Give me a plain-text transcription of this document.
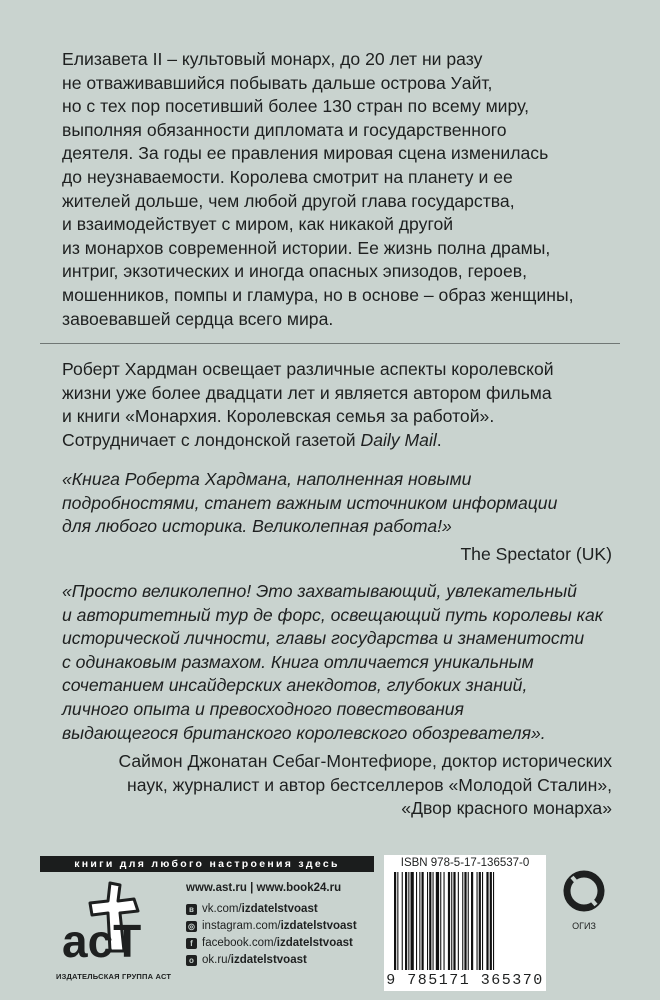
Елизавета II – культовый монарх, до 20 лет ни разу

не отваживавшийся побывать дальше острова Уайт,

но с тех пор посетивший более 130 стран по всему миру,

выполняя обязанности дипломата и государственного

деятеля. За годы ее правления мировая сцена изменилась

до неузнаваемости. Королева смотрит на планету и ее

жителей дольше, чем любой другой глава государства,

и взаимодействует с миром, как никакой другой

из монархов современной истории. Ее жизнь полна драмы,

интриг, экзотических и иногда опасных эпизодов, героев,

мошенников, помпы и гламура, но в основе – образ женщины,

завоевавшей сердца всего мира.

Роберт Хардман освещает различные аспекты королевской

жизни уже более двадцати лет и является автором фильма

и книги «Монархия. Королевская семья за работой».

Сотрудничает с лондонской газетой Daily Mail.

«Книга Роберта Хардмана, наполненная новыми

подробностями, станет важным источником информации

для любого историка. Великолепная работа!»

The Spectator (UK)

«Просто великолепно! Это захватывающий, увлекательный

и авторитетный тур де форс, освещающий путь королевы как

исторической личности, главы государства и знаменитости

с одинаковым размахом. Книга отличается уникальным

сочетанием инсайдерских анекдотов, глубоких знаний,

личного опыта и превосходного повествования

выдающегося британского королевского обозревателя».

Саймон Джонатан Себаг-Монтефиоре, доктор исторических

наук, журналист и автор бестселлеров «Молодой Сталин»,

«Двор красного монарха»

книги для любого настроения здесь
acT
ИЗДАТЕЛЬСКАЯ ГРУППА АСТ
www.ast.ru | www.book24.ru
в vk.com/ izdatelstvoast
◎ instagram.com/ izdatelstvoast
f facebook.com/ izdatelstvoast
o ok.ru/ izdatelstvoast
ISBN 978-5-17-136537-0
9 785171 365370
ОГИЗ
